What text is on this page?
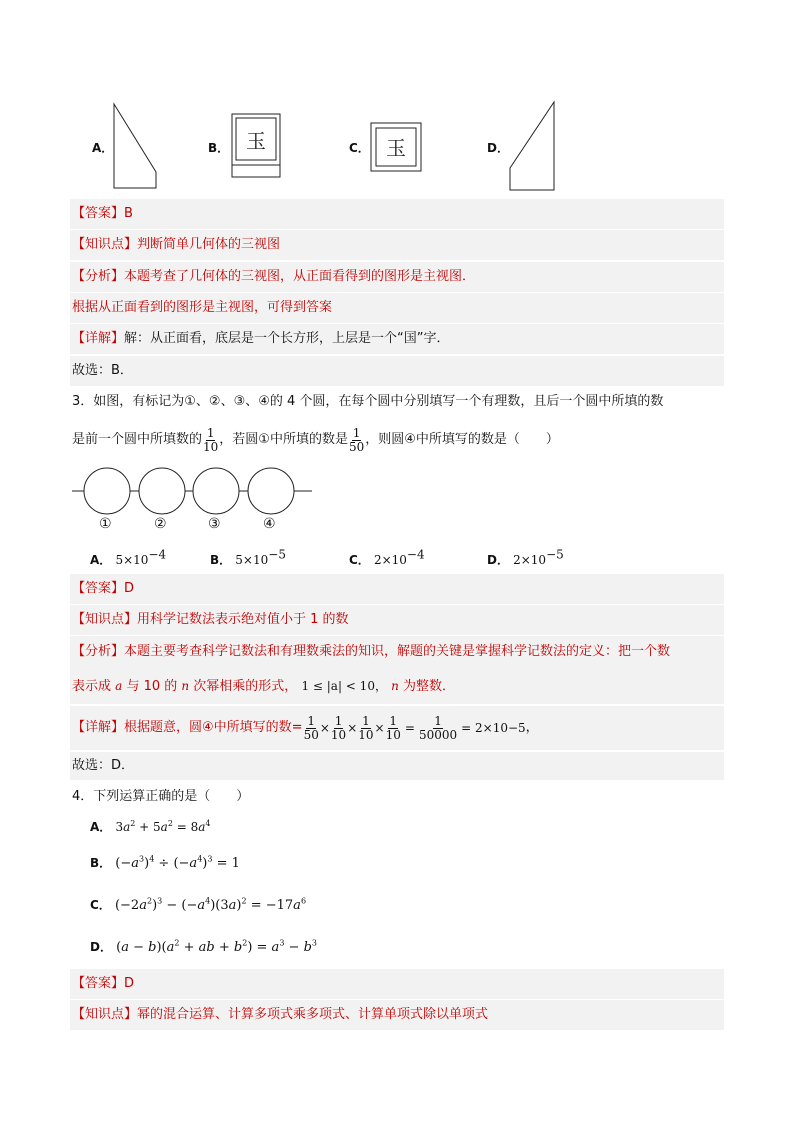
A．	B． 玉	C． 玉	D．
【答案】B
【知识点】判断简单几何体的三视图
【分析】本题考查了几何体的三视图，从正面看得到的图形是主视图．
根据从正面看到的图形是主视图，可得到答案
【详解】解：从正面看，底层是一个长方形，上层是一个“国”字．
故选：B．
3．如图，有标记为①、②、③、④的 4 个圆，在每个圆中分别填写一个有理数，且后一个圆中所填的数
是前一个圆中所填数的 $\frac{1}{10}$ ，若圆①中所填的数是 $\frac{1}{50}$ ，则圆④中所填写的数是（　　）
①	②	③	④
A． $5\times 10^{-4}$	B． $5\times 10^{-5}$	C． $2\times 10^{-4}$	D． $2\times 10^{-5}$
【答案】D
【知识点】用科学记数法表示绝对值小于 1 的数
【分析】本题主要考查科学记数法和有理数乘法的知识，解题的关键是掌握科学记数法的定义：把一个数
表示成 a 与 10 的 n 次幂相乘的形式， 1 ≤ |a| < 10， n 为整数．
【详解】 根据题意，圆④中所填写的数= $\frac{1}{50} \times \frac{1}{10} \times \frac{1}{10} \times \frac{1}{10} = \frac{1}{50000} = 2\times 10 -5$ ，
故选：D．
4．下列运算正确的是（　　）
A． $3a^2 + 5a^2 = 8a^4$
B． $(-a^3)^4 \div (-a^4)^3 = 1$
C． $(-2a^2)^3 - (-a^4)(3a)^2 = -17a^6$
D． $(a - b)(a^2$ + ab + $b^2) = a^3 - b^3$
【答案】D
【知识点】幂的混合运算、计算多项式乘多项式、计算单项式除以单项式
